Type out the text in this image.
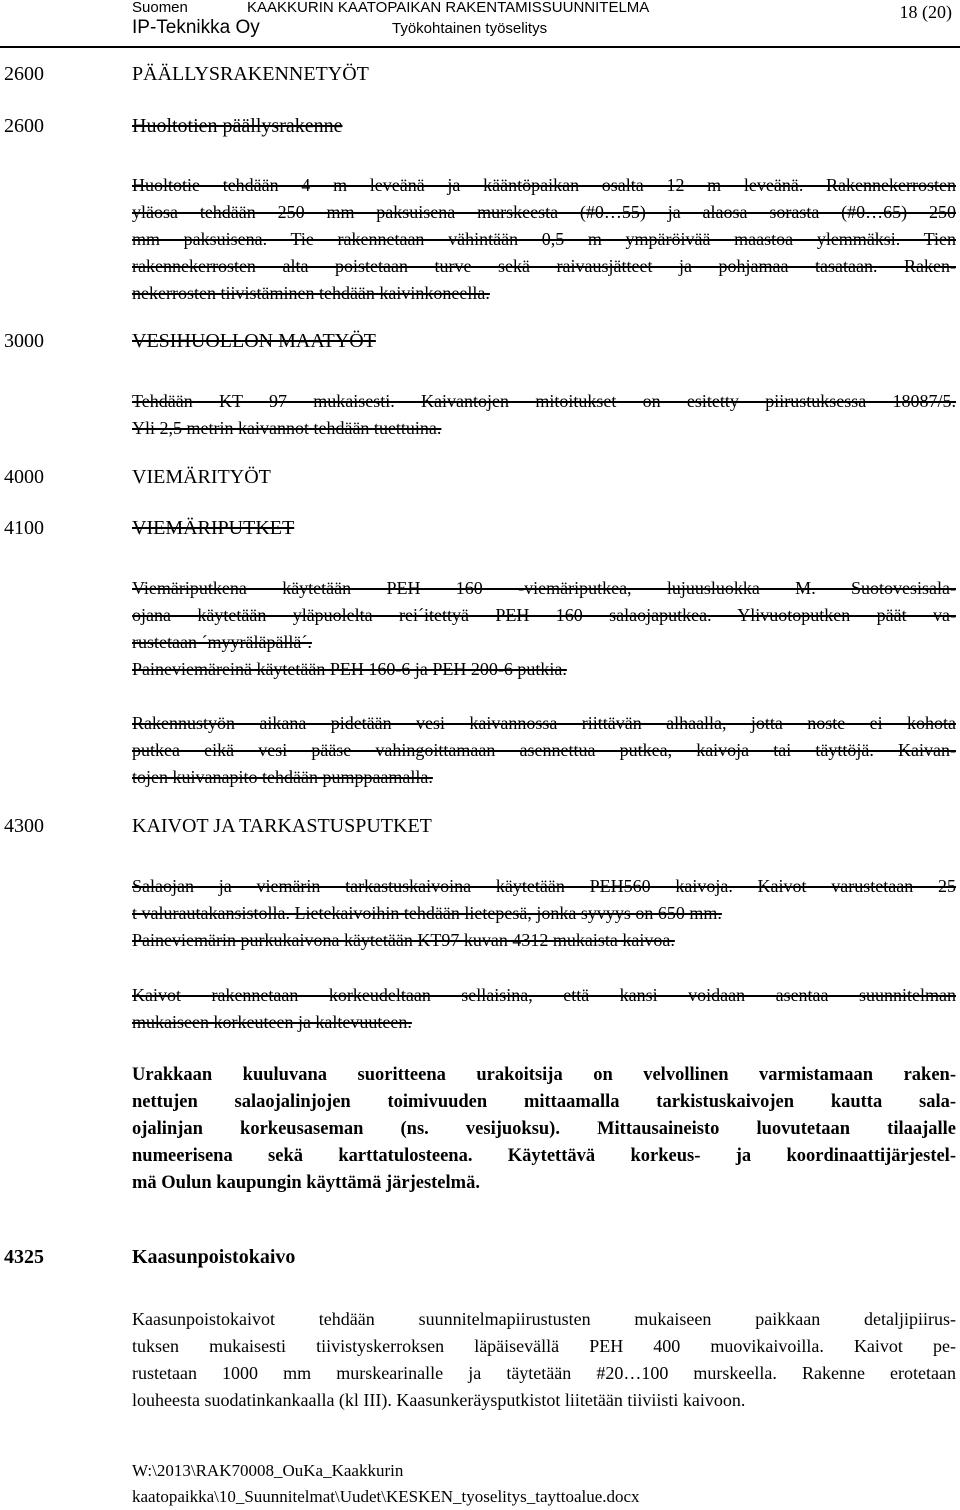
Suomen	KAAKKURIN KAATOPAIKAN RAKENTAMISSUUNNITELMA
IP-Teknikka Oy	Työkohtainen työselitys
18 (20)
2600	PÄÄLLYSRAKENNETYÖT
2600	Huoltotien päällysrakenne
Huoltotie tehdään 4 m leveänä ja kääntöpaikan osalta 12 m leveänä. Rakennekerrosten
yläosa tehdään 250 mm paksuisena murskeesta (#0…55) ja alaosa sorasta (#0…65) 250
mm paksuisena. Tie rakennetaan vähintään 0,5 m ympäröivää maastoa ylemmäksi. Tien
rakennekerrosten alta poistetaan turve sekä raivausjätteet ja pohjamaa tasataan. Raken-
nekerrosten tiivistäminen tehdään kaivinkoneella.
3000	VESIHUOLLON MAATYÖT
Tehdään KT 97 mukaisesti. Kaivantojen mitoitukset on esitetty piirustuksessa 18087/5.
Yli 2,5 metrin kaivannot tehdään tuettuina.
4000	VIEMÄRITYÖT
4100	VIEMÄRIPUTKET
Viemäriputkena käytetään PEH 160 -viemäriputkea, lujuusluokka M. Suotovesisala-
ojana käytetään yläpuolelta rei´itettyä PEH 160 salaojaputkea. Ylivuotoputken päät va-
rustetaan ´myyräläpällä´.
Paineviemäreinä käytetään PEH 160-6 ja PEH 200-6 putkia.
Rakennustyön aikana pidetään vesi kaivannossa riittävän alhaalla, jotta noste ei kohota
putkea eikä vesi pääse vahingoittamaan asennettua putkea, kaivoja tai täyttöjä. Kaivan-
tojen kuivanapito tehdään pumppaamalla.
4300	KAIVOT JA TARKASTUSPUTKET
Salaojan ja viemärin tarkastuskaivoina käytetään PEH560 kaivoja. Kaivot varustetaan 25
t valurautakansistolla. Lietekaivoihin tehdään lietepesä, jonka syvyys on 650 mm.
Paineviemärin purkukaivona käytetään KT97 kuvan 4312 mukaista kaivoa.
Kaivot rakennetaan korkeudeltaan sellaisina, että kansi voidaan asentaa suunnitelman
mukaiseen korkeuteen ja kaltevuuteen.
Urakkaan kuuluvana suoritteena urakoitsija on velvollinen varmistamaan raken-
nettujen salaojalinjojen toimivuuden mittaamalla tarkistuskaivojen kautta sala-
ojalinjan korkeusaseman (ns. vesijuoksu). Mittausaineisto luovutetaan tilaajalle
numeerisena sekä karttatulosteena. Käytettävä korkeus- ja koordinaattijärjestel-
mä Oulun kaupungin käyttämä järjestelmä.
4325	Kaasunpoistokaivo
Kaasunpoistokaivot tehdään suunnitelmapiirustusten mukaiseen paikkaan detaljipiirus-
tuksen mukaisesti tiivistyskerroksen läpäisevällä PEH 400 muovikaivoilla. Kaivot pe-
rustetaan 1000 mm murskearinalle ja täytetään #20…100 murskeella. Rakenne erotetaan
louheesta suodatinkankaalla (kl III). Kaasunkeräysputkistot liitetään tiiviisti kaivoon.
W:\2013\RAK70008_OuKa_Kaakkurin
kaatopaikka\10_Suunnitelmat\Uudet\KESKEN_tyoselitys_tayttoalue.docx
